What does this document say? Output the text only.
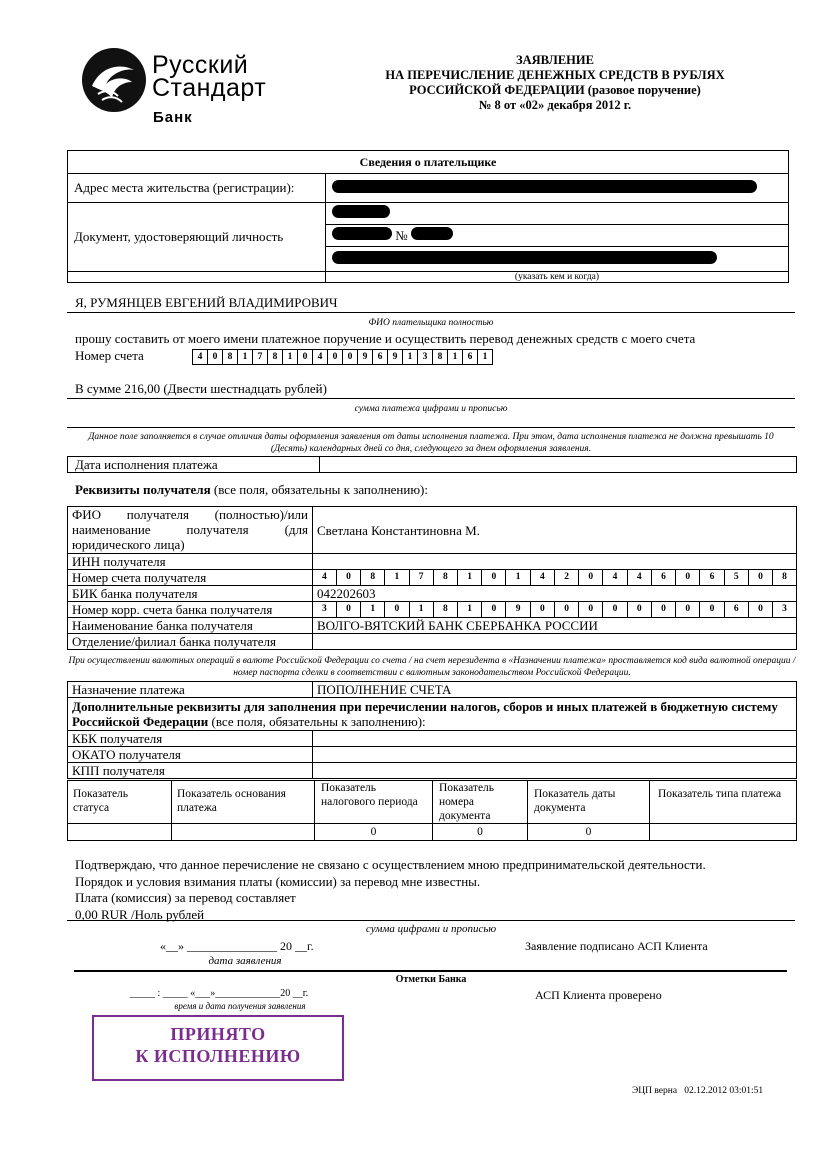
Русский
Стандарт
Банк
ЗАЯВЛЕНИЕ
НА ПЕРЕЧИСЛЕНИЕ ДЕНЕЖНЫХ СРЕДСТВ В РУБЛЯХ
РОССИЙСКОЙ ФЕДЕРАЦИИ (разовое поручение)
№ 8 от «02» декабря 2012 г.
Сведения о плательщике	
Адрес места жительства (регистрации):	
Документ, удостоверяющий личность	
	№

	(указать кем и когда)
Я, РУМЯНЦЕВ ЕВГЕНИЙ ВЛАДИМИРОВИЧ
ФИО плательщика полностью
прошу составить от моего имени платежное поручение и осуществить перевод денежных средств с моего счета
Номер счета	4	0	8	1	7	8	1	0	4	0	0	9	6	9	1	3	8	1	6	1
В сумме 216,00 (Двести шестнадцать рублей)
сумма платежа цифрами и прописью
Данное поле заполняется в случае отличия даты оформления заявления от даты исполнения платежа. При этом, дата исполнения платежа не должна превышать 10 (Десять) календарных дней со дня, следующего за днем оформления заявления.
Дата исполнения платежа	
Реквизиты получателя (все поля, обязательны к заполнению):
ФИО получателя (полностью)/или наименование получателя (для юридического лица)	Светлана Константиновна М.
ИНН получателя	
Номер счета получателя		4	0	8	1	7	8	1	0	1	4	2	0	4	4	6	0	6	5	0	8

БИК банка получателя	042202603
Номер корр. счета банка получателя		3	0	1	0	1	8	1	0	9	0	0	0	0	0	0	0	0	6	0	3

Наименование банка получателя	ВОЛГО-ВЯТСКИЙ БАНК СБЕРБАНКА РОССИИ
Отделение/филиал банка получателя	
При осуществлении валютных операций в валюте Российской Федерации со счета / на счет нерезидента в «Назначении платежа» проставляется код вида валютной операции / номер паспорта сделки в соответствии с валютным законодательством Российской Федерации.
Назначение платежа	ПОПОЛНЕНИЕ СЧЕТА
Дополнительные реквизиты для заполнения при перечислении налогов, сборов и иных платежей в бюджетную систему Российской Федерации (все поля, обязательны к заполнению):	
КБК получателя	
ОКАТО получателя	
КПП получателя	
Показатель статуса	Показатель основания платежа	Показатель налогового периода	Показатель номера документа	Показатель даты документа	Показатель типа платежа
		0	0	0	
Подтверждаю, что данное перечисление не связано с осуществлением мною предпринимательской деятельности.
Порядок и условия взимания платы (комиссии) за перевод мне известны.
Плата (комиссия) за перевод составляет
0,00 RUR /Ноль рублей
сумма цифрами и прописью
«__» _______________ 20 __г.	Заявление подписано АСП Клиента
дата заявления
Отметки Банка
_____ : _____ «___»_____________20 __г.	АСП Клиента проверено
время и дата получения заявления
ПРИНЯТО
К ИСПОЛНЕНИЮ
ЭЦП верна   02.12.2012 03:01:51
